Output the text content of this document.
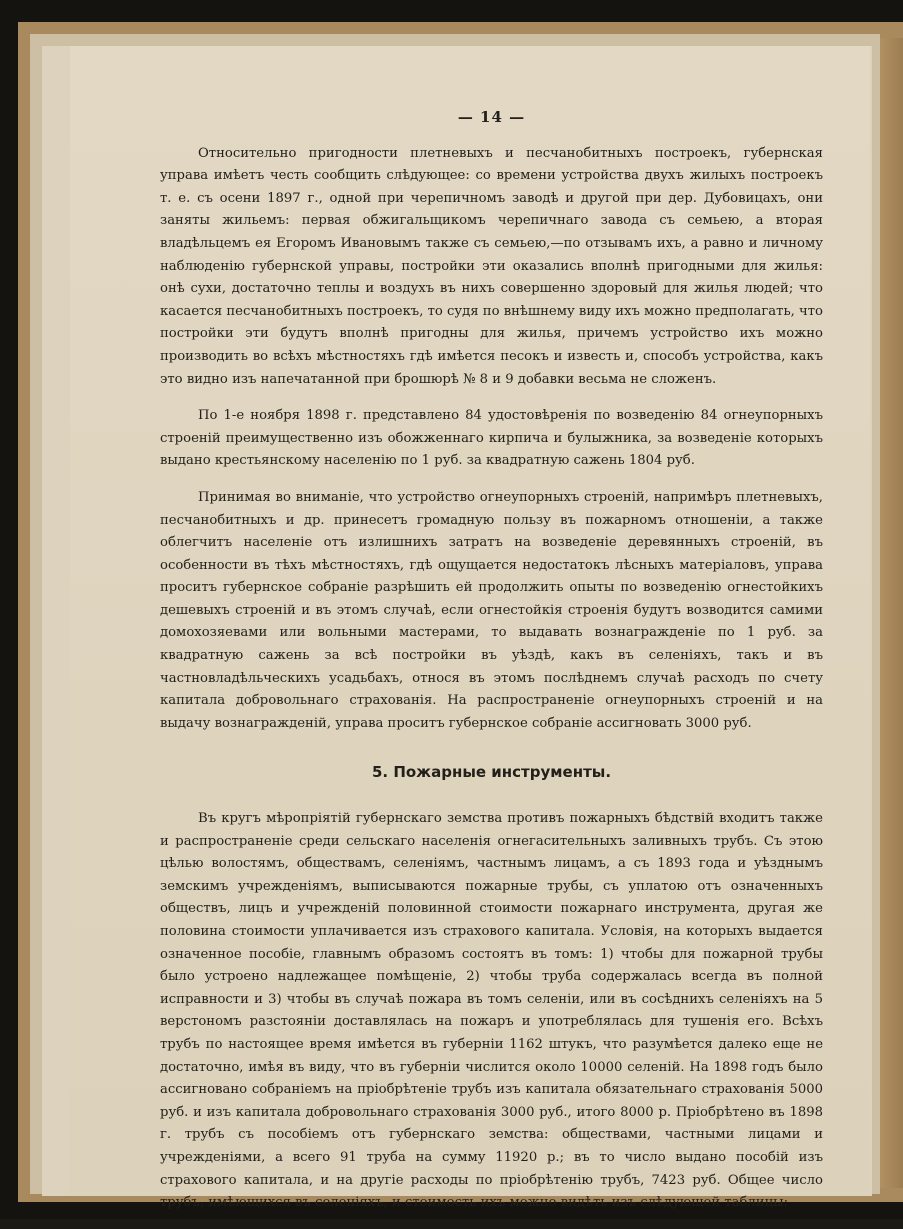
— 14 —

Относительно пригодности плетневыхъ и песчанобитныхъ построекъ, губернская управа имѣетъ честь сообщить слѣдующее: со времени устройства двухъ жилыхъ построекъ т. е. съ осени 1897 г., одной при черепичномъ заводѣ и другой при дер. Дубовицахъ, они заняты жильемъ: первая обжигальщикомъ черепичнаго завода съ семьею, а вторая владѣльцемъ ея Егоромъ Ивановымъ также съ семьею,—по отзывамъ ихъ, а равно и личному наблюденію губернской управы, постройки эти оказались вполнѣ пригодными для жилья: онѣ сухи, достаточно теплы и воздухъ въ нихъ совершенно здоровый для жилья людей; что касается песчанобитныхъ построекъ, то судя по внѣшнему виду ихъ можно предполагать, что постройки эти будутъ вполнѣ пригодны для жилья, причемъ устройство ихъ можно производить во всѣхъ мѣстностяхъ гдѣ имѣется песокъ и известь и, способъ устройства, какъ это видно изъ напечатанной при брошюрѣ № 8 и 9 добавки весьма не сложенъ.

По 1-е ноября 1898 г. представлено 84 удостовѣренія по возведенію 84 огнеупорныхъ строеній преимущественно изъ обожженнаго кирпича и булыжника, за возведеніе которыхъ выдано крестьянскому населенію по 1 руб. за квадратную сажень 1804 руб.

Принимая во вниманіе, что устройство огнеупорныхъ строеній, напримѣръ плетневыхъ, песчанобитныхъ и др. принесетъ громадную пользу въ пожарномъ отношеніи, а также облегчитъ населеніе отъ излишнихъ затратъ на возведеніе деревянныхъ строеній, въ особенности въ тѣхъ мѣстностяхъ, гдѣ ощущается недостатокъ лѣсныхъ матеріаловъ, управа проситъ губернское собраніе разрѣшить ей продолжить опыты по возведенію огнестойкихъ дешевыхъ строеній и въ этомъ случаѣ, если огнестойкія строенія будутъ возводится самими домохозяевами или вольными мастерами, то выдавать вознагражденіе по 1 руб. за квадратную сажень за всѣ постройки въ уѣздѣ, какъ въ селеніяхъ, такъ и въ частновладѣльческихъ усадьбахъ, относя въ этомъ послѣднемъ случаѣ расходъ по счету капитала добровольнаго страхованія. На распространеніе огнеупорныхъ строеній и на выдачу вознагражденій, управа проситъ губернское собраніе ассигновать 3000 руб.

5. Пожарные инструменты.

Въ кругъ мѣропріятій губернскаго земства противъ пожарныхъ бѣдствій входитъ также и распространеніе среди сельскаго населенія огнегасительныхъ заливныхъ трубъ. Съ этою цѣлью волостямъ, обществамъ, селеніямъ, частнымъ лицамъ, а съ 1893 года и уѣзднымъ земскимъ учрежденіямъ, выписываются пожарные трубы, съ уплатою отъ означенныхъ обществъ, лицъ и учрежденій половинной стоимости пожарнаго инструмента, другая же половина стоимости уплачивается изъ страхового капитала. Условія, на которыхъ выдается означенное пособіе, главнымъ образомъ состоятъ въ томъ: 1) чтобы для пожарной трубы было устроено надлежащее помѣщеніе, 2) чтобы труба содержалась всегда въ полной исправности и 3) чтобы въ случаѣ пожара въ томъ селеніи, или въ сосѣднихъ селеніяхъ на 5 верстономъ разстояніи доставлялась на пожаръ и употреблялась для тушенія его. Всѣхъ трубъ по настоящее время имѣется въ губерніи 1162 штукъ, что разумѣется далеко еще не достаточно, имѣя въ виду, что въ губерніи числится около 10000 селеній. На 1898 годъ было ассигновано собраніемъ на пріобрѣтеніе трубъ изъ капитала обязательнаго страхованія 5000 руб. и изъ капитала добровольнаго страхованія 3000 руб., итого 8000 р. Пріобрѣтено въ 1898 г. трубъ съ пособіемъ отъ губернскаго земства: обществами, частными лицами и учрежденіями, а всего 91 труба на сумму 11920 р.; въ то число выдано пособій изъ страхового капитала, и на другіе расходы по пріобрѣтенію трубъ, 7423 руб. Общее число трубъ, имѣющихся въ селеніяхъ, и стоимость ихъ можно видѣть изъ слѣдующей таблицы:
